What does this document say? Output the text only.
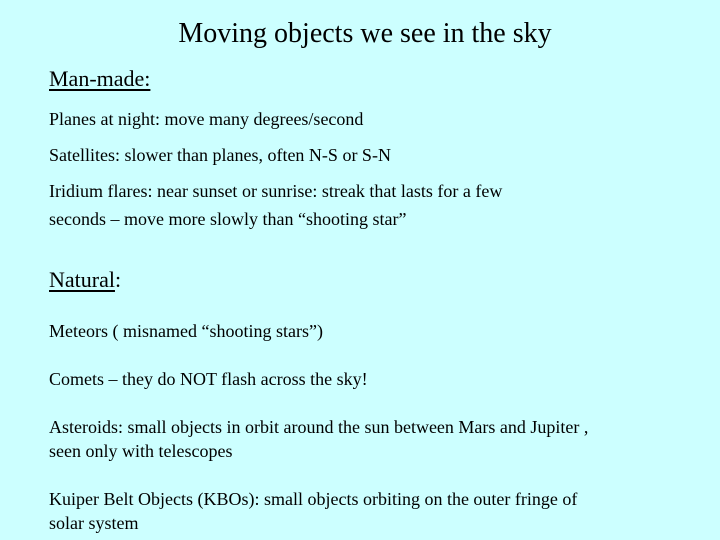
Moving objects we see in the sky
Man-made:
Planes at night: move many degrees/second
Satellites: slower than planes, often N-S or S-N
Iridium flares: near sunset or sunrise: streak that lasts for a few
seconds – move more slowly than “shooting star”
Natural:
Meteors ( misnamed “shooting stars”)
Comets – they do NOT flash across the sky!
Asteroids: small objects in orbit around the sun between Mars and Jupiter ,
seen only with telescopes
Kuiper Belt Objects (KBOs): small objects orbiting on the outer fringe of
solar system
